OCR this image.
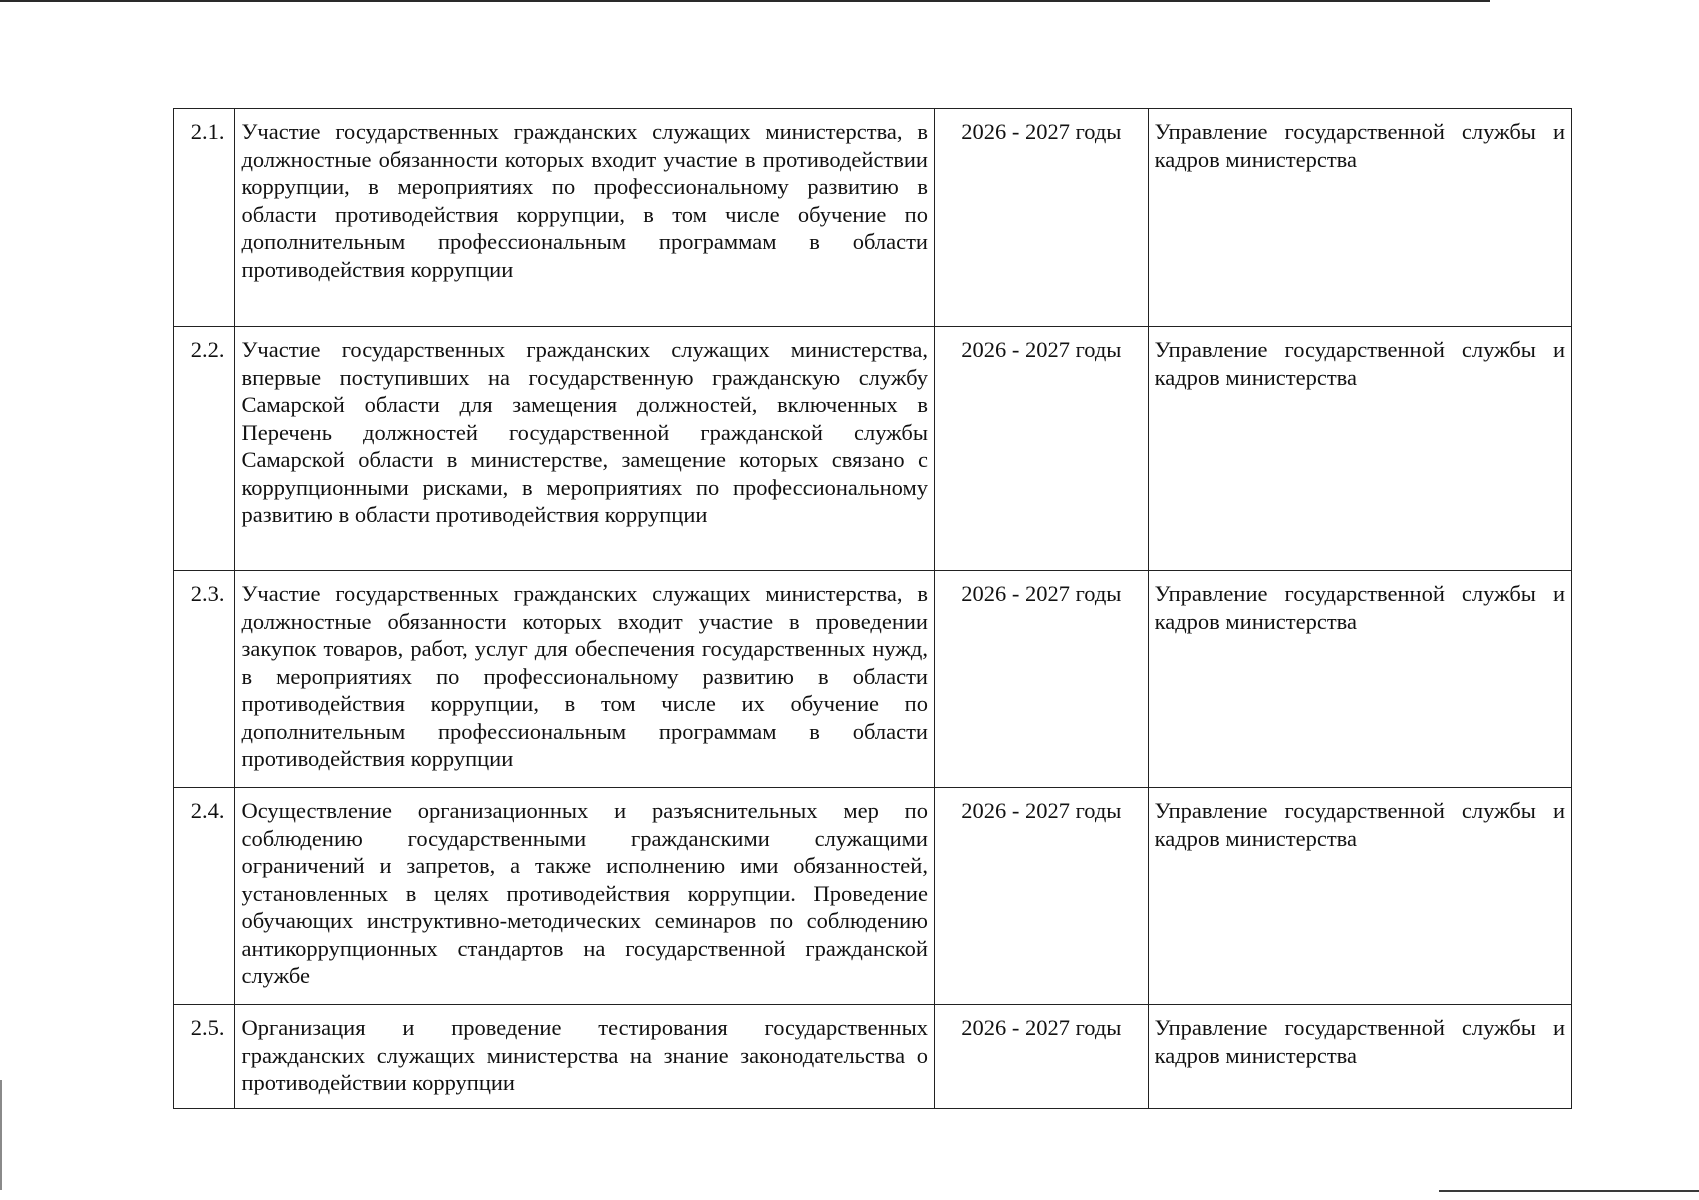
2.1.	Участие государственных гражданских служащих министерства, в должностные обязанности которых входит участие в противодействии коррупции, в мероприятиях по профессиональному развитию в области противодействия коррупции, в том числе обучение по дополнительным профессиональным программам в области противодействия коррупции	2026 - 2027 годы	Управление государственной службы и кадров министерства
2.2.	Участие государственных гражданских служащих министерства, впервые поступивших на государственную гражданскую службу Самарской области для замещения должностей, включенных в Перечень должностей государственной гражданской службы Самарской области в министерстве, замещение которых связано с коррупционными рисками, в мероприятиях по профессиональному развитию в области противодействия коррупции	2026 - 2027 годы	Управление государственной службы и кадров министерства
2.3.	Участие государственных гражданских служащих министерства, в должностные обязанности которых входит участие в проведении закупок товаров, работ, услуг для обеспечения государственных нужд, в мероприятиях по профессиональному развитию в области противодействия коррупции, в том числе их обучение по дополнительным профессиональным программам в области противодействия коррупции	2026 - 2027 годы	Управление государственной службы и кадров министерства
2.4.	Осуществление организационных и разъяснительных мер по соблюдению государственными гражданскими служащими ограничений и запретов, а также исполнению ими обязанностей, установленных в целях противодействия коррупции. Проведение обучающих инструктивно-методических семинаров по соблюдению антикоррупционных стандартов на государственной гражданской службе	2026 - 2027 годы	Управление государственной службы и кадров министерства
2.5.	Организация и проведение тестирования государственных гражданских служащих министерства на знание законодательства о противодействии коррупции	2026 - 2027 годы	Управление государственной службы и кадров министерства
